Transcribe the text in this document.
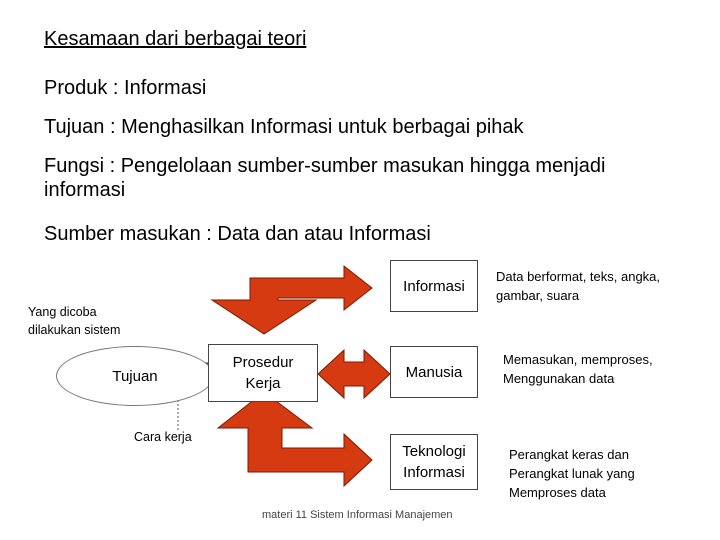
Kesamaan dari berbagai teori
Produk : Informasi
Tujuan : Menghasilkan Informasi untuk berbagai pihak
Fungsi : Pengelolaan sumber-sumber masukan hingga menjadi informasi
Sumber masukan : Data dan atau Informasi
Tujuan
Prosedur Kerja
Informasi
Manusia
Teknologi Informasi
Yang dicoba dilakukan sistem
Cara kerja
Data berformat, teks, angka, gambar, suara
Memasukan, memproses, Menggunakan data
Perangkat keras dan Perangkat lunak yang Memproses data
materi 11 Sistem Informasi Manajemen
